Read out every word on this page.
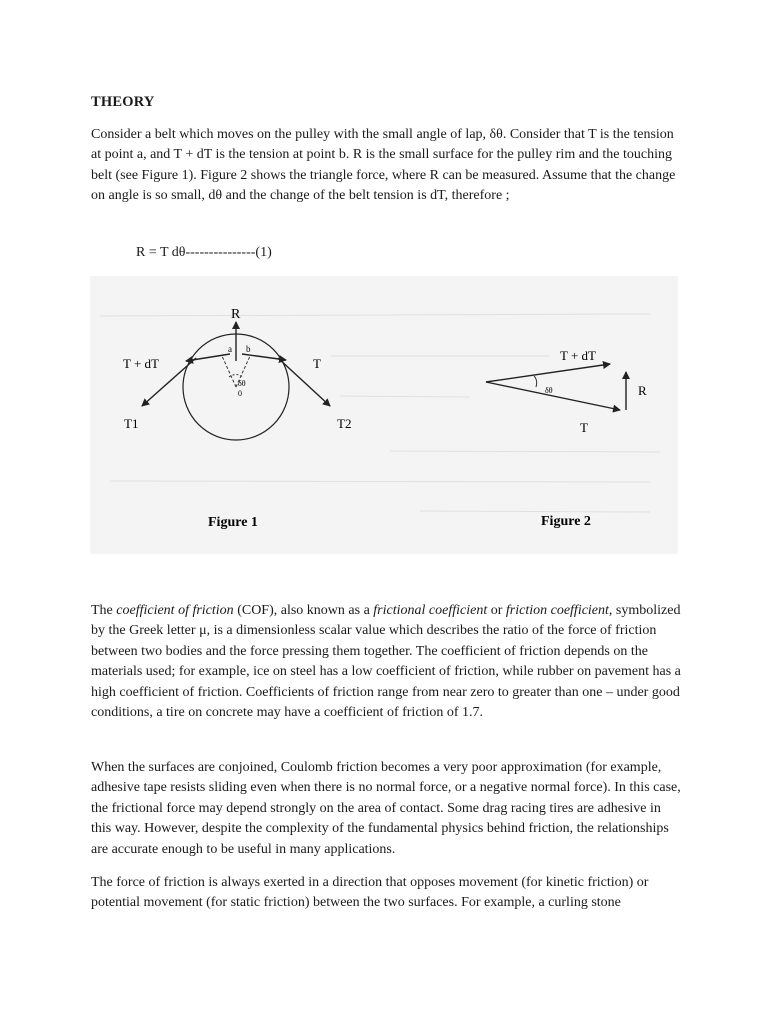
THEORY

Consider a belt which moves on the pulley with the small angle of lap, δθ. Consider that T is the tension at point a, and T + dT is the tension at point b. R is the small surface for the pulley rim and the touching belt (see Figure 1). Figure 2 shows the triangle force, where R can be measured. Assume that the change on angle is so small, dθ and the change of the belt tension is dT, therefore ;

R = T dθ---------------(1)
R
T + dT	T
a b
δθ
0
T1	T2
Figure 1
T + dT
R
T
δθ
Figure 2

The coefficient of friction (COF), also known as a frictional coefficient or friction coefficient, symbolized by the Greek letter μ, is a dimensionless scalar value which describes the ratio of the force of friction between two bodies and the force pressing them together. The coefficient of friction depends on the materials used; for example, ice on steel has a low coefficient of friction, while rubber on pavement has a high coefficient of friction. Coefficients of friction range from near zero to greater than one – under good conditions, a tire on concrete may have a coefficient of friction of 1.7.

When the surfaces are conjoined, Coulomb friction becomes a very poor approximation (for example, adhesive tape resists sliding even when there is no normal force, or a negative normal force). In this case, the frictional force may depend strongly on the area of contact. Some drag racing tires are adhesive in this way. However, despite the complexity of the fundamental physics behind friction, the relationships are accurate enough to be useful in many applications.

The force of friction is always exerted in a direction that opposes movement (for kinetic friction) or potential movement (for static friction) between the two surfaces. For example, a curling stone
